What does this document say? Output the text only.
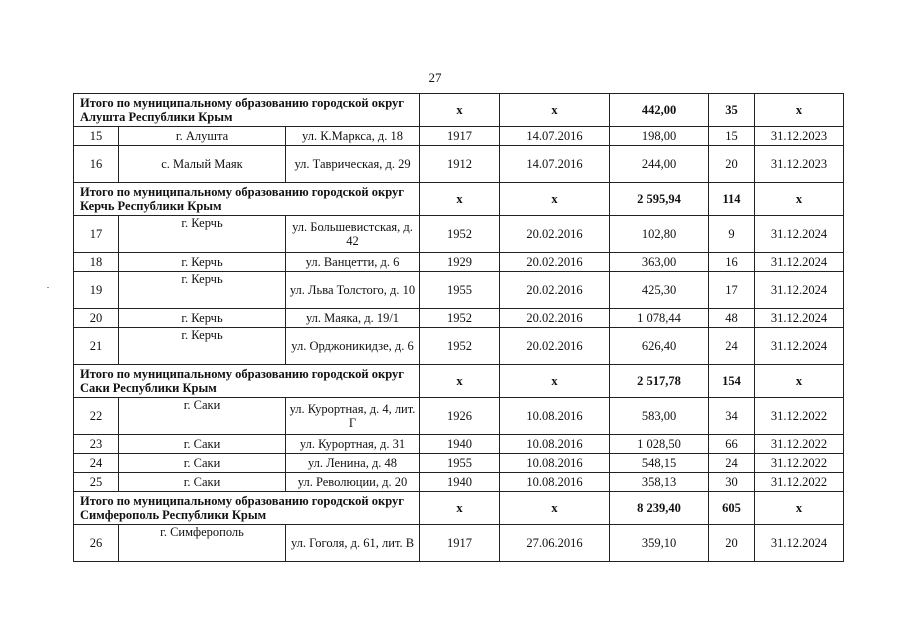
27
Итого по муниципальному образованию городской округ Алушта Республики Крым			х	х	442,00	35	х
15	г. Алушта	ул. К.Маркса, д. 18	1917	14.07.2016	198,00	15	31.12.2023
16	с. Малый Маяк	ул. Таврическая, д. 29	1912	14.07.2016	244,00	20	31.12.2023
Итого по муниципальному образованию городской округ Керчь Республики Крым			х	х	2 595,94	114	х
17	г. Керчь	ул. Большевистская, д. 42	1952	20.02.2016	102,80	9	31.12.2024
18	г. Керчь	ул. Ванцетти, д. 6	1929	20.02.2016	363,00	16	31.12.2024
19	г. Керчь	ул. Льва Толстого, д. 10	1955	20.02.2016	425,30	17	31.12.2024
20	г. Керчь	ул. Маяка, д. 19/1	1952	20.02.2016	1 078,44	48	31.12.2024
21	г. Керчь	ул. Орджоникидзе, д. 6	1952	20.02.2016	626,40	24	31.12.2024
Итого по муниципальному образованию городской округ Саки Республики Крым			х	х	2 517,78	154	х
22	г. Саки	ул. Курортная, д. 4, лит. Г	1926	10.08.2016	583,00	34	31.12.2022
23	г. Саки	ул. Курортная, д. 31	1940	10.08.2016	1 028,50	66	31.12.2022
24	г. Саки	ул. Ленина, д. 48	1955	10.08.2016	548,15	24	31.12.2022
25	г. Саки	ул. Революции, д. 20	1940	10.08.2016	358,13	30	31.12.2022
Итого по муниципальному образованию городской округ Симферополь Республики Крым			х	х	8 239,40	605	х
26	г. Симферополь	ул. Гоголя, д. 61, лит. В	1917	27.06.2016	359,10	20	31.12.2024
